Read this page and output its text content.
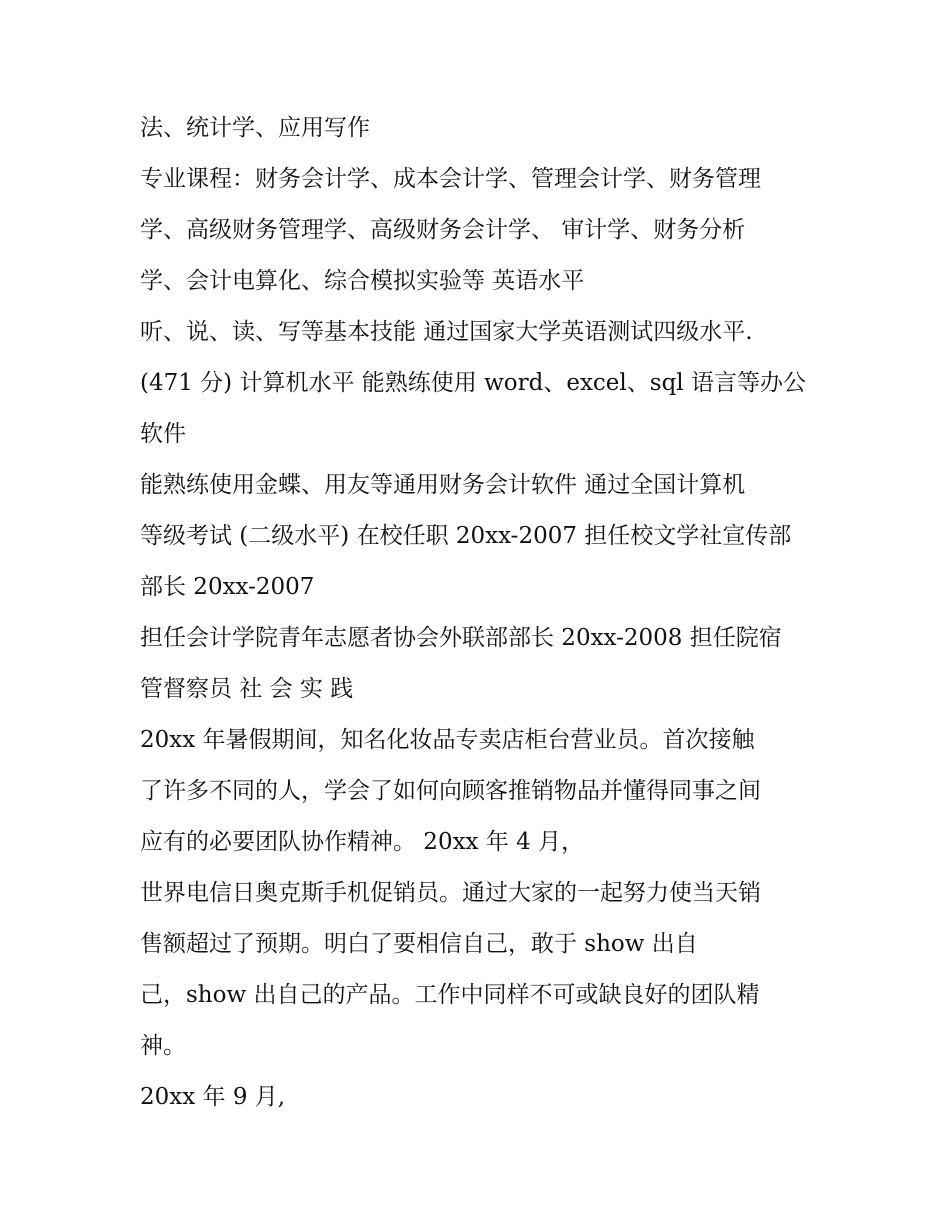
法、统计学、应用写作

专业课程：财务会计学、成本会计学、管理会计学、财务管理

学、高级财务管理学、高级财务会计学、 审计学、财务分析

学、会计电算化、综合模拟实验等 英语水平

听、说、读、写等基本技能 通过国家大学英语测试四级水平.

(471 分) 计算机水平 能熟练使用 word、excel、sql 语言等办公

软件

能熟练使用金蝶、用友等通用财务会计软件 通过全国计算机

等级考试 (二级水平) 在校任职 20xx-2007 担任校文学社宣传部

部长 20xx-2007

担任会计学院青年志愿者协会外联部部长 20xx-2008 担任院宿

管督察员 社 会 实 践

20xx 年暑假期间，知名化妆品专卖店柜台营业员。首次接触

了许多不同的人，学会了如何向顾客推销物品并懂得同事之间

应有的必要团队协作精神。 20xx 年 4 月，

世界电信日奥克斯手机促销员。通过大家的一起努力使当天销

售额超过了预期。明白了要相信自己，敢于 show 出自

己，show 出自己的产品。工作中同样不可或缺良好的团队精

神。

20xx 年 9 月,
